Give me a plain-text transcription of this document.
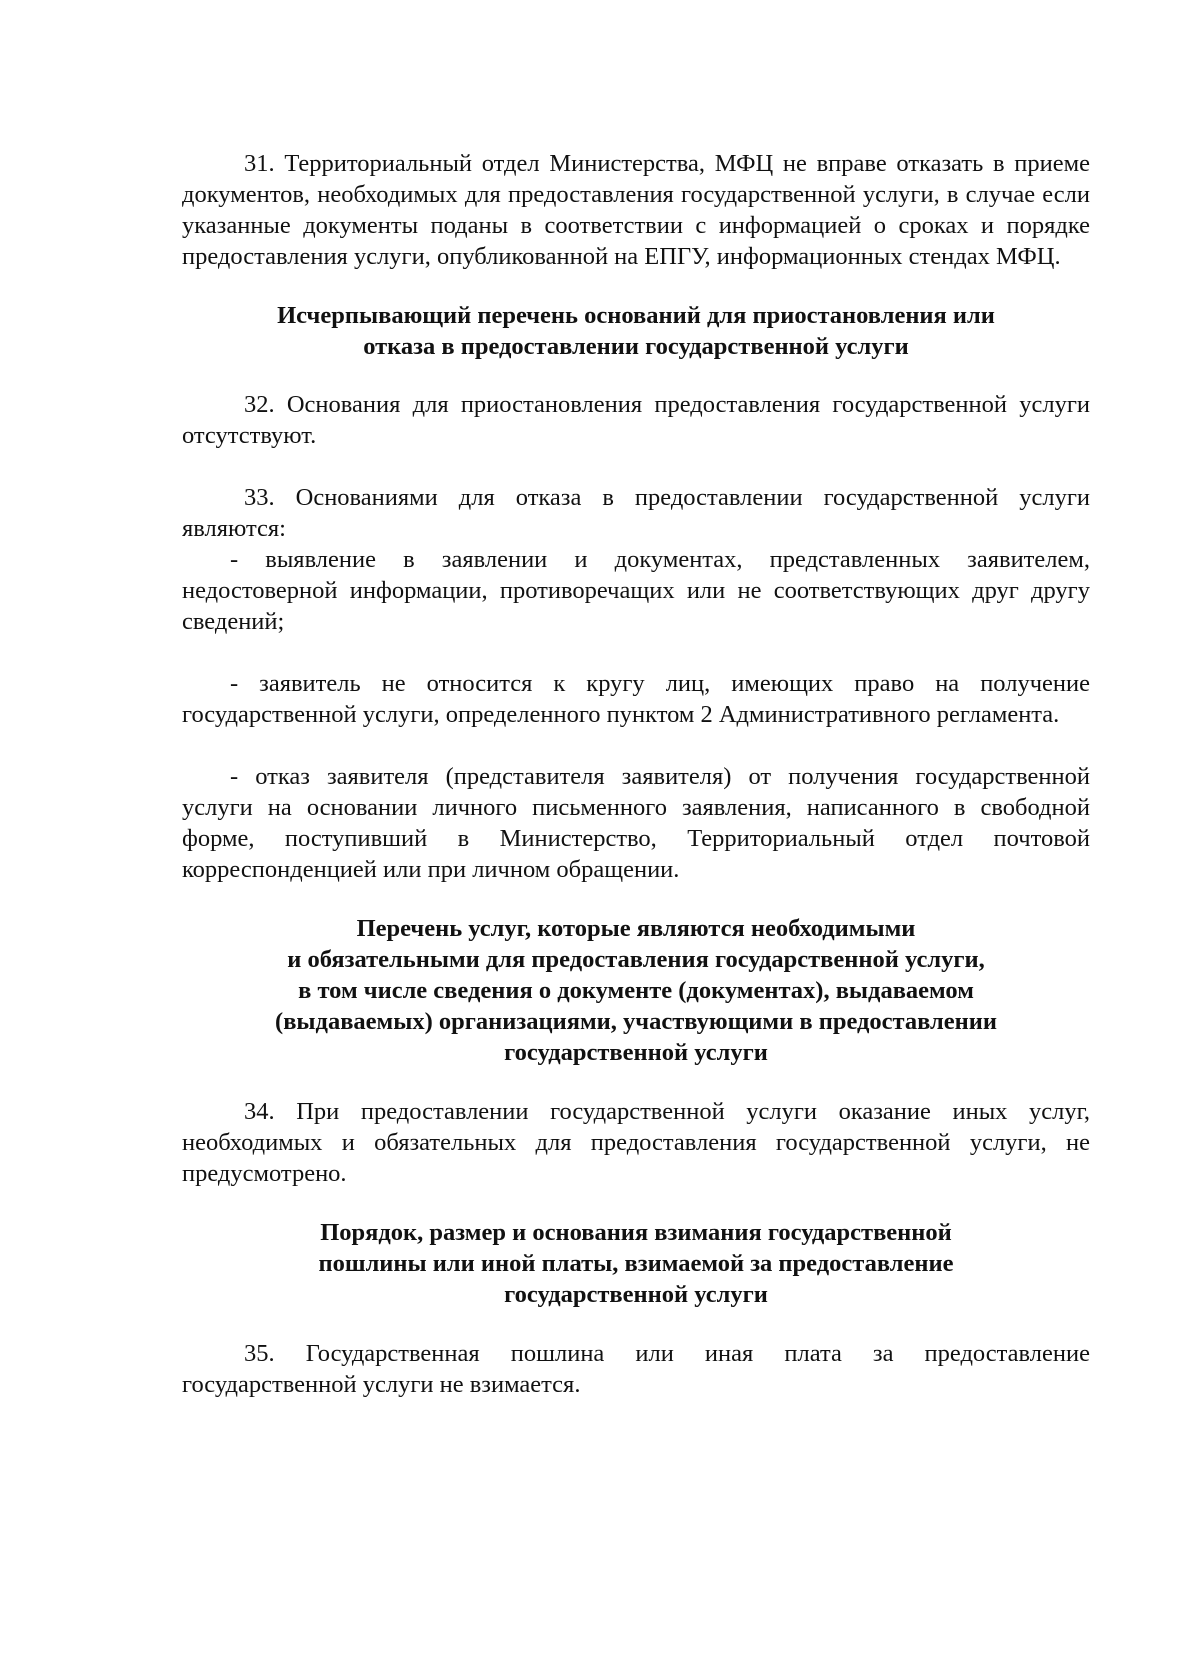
31. Территориальный отдел Министерства, МФЦ не вправе отказать в приеме документов, необходимых для предоставления государственной услуги, в случае если указанные документы поданы в соответствии с информацией о сроках и порядке предоставления услуги, опубликованной на ЕПГУ, информационных стендах МФЦ.

Исчерпывающий перечень оснований для приостановления или
отказа в предоставлении государственной услуги

32. Основания для приостановления предоставления государственной услуги отсутствуют.

33. Основаниями для отказа в предоставлении государственной услуги являются:

- выявление в заявлении и документах, представленных заявителем, недостоверной информации, противоречащих или не соответствующих друг другу сведений;

- заявитель не относится к кругу лиц, имеющих право на получение государственной услуги, определенного пунктом 2 Административного регламента.

- отказ заявителя (представителя заявителя) от получения государственной услуги на основании личного письменного заявления, написанного в свободной форме, поступивший в Министерство, Территориальный отдел почтовой корреспонденцией или при личном обращении.

Перечень услуг, которые являются необходимыми
и обязательными для предоставления государственной услуги,
в том числе сведения о документе (документах), выдаваемом
(выдаваемых) организациями, участвующими в предоставлении
государственной услуги

34. При предоставлении государственной услуги оказание иных услуг, необходимых и обязательных для предоставления государственной услуги, не предусмотрено.

Порядок, размер и основания взимания государственной
пошлины или иной платы, взимаемой за предоставление
государственной услуги

35. Государственная пошлина или иная плата за предоставление государственной услуги не взимается.
